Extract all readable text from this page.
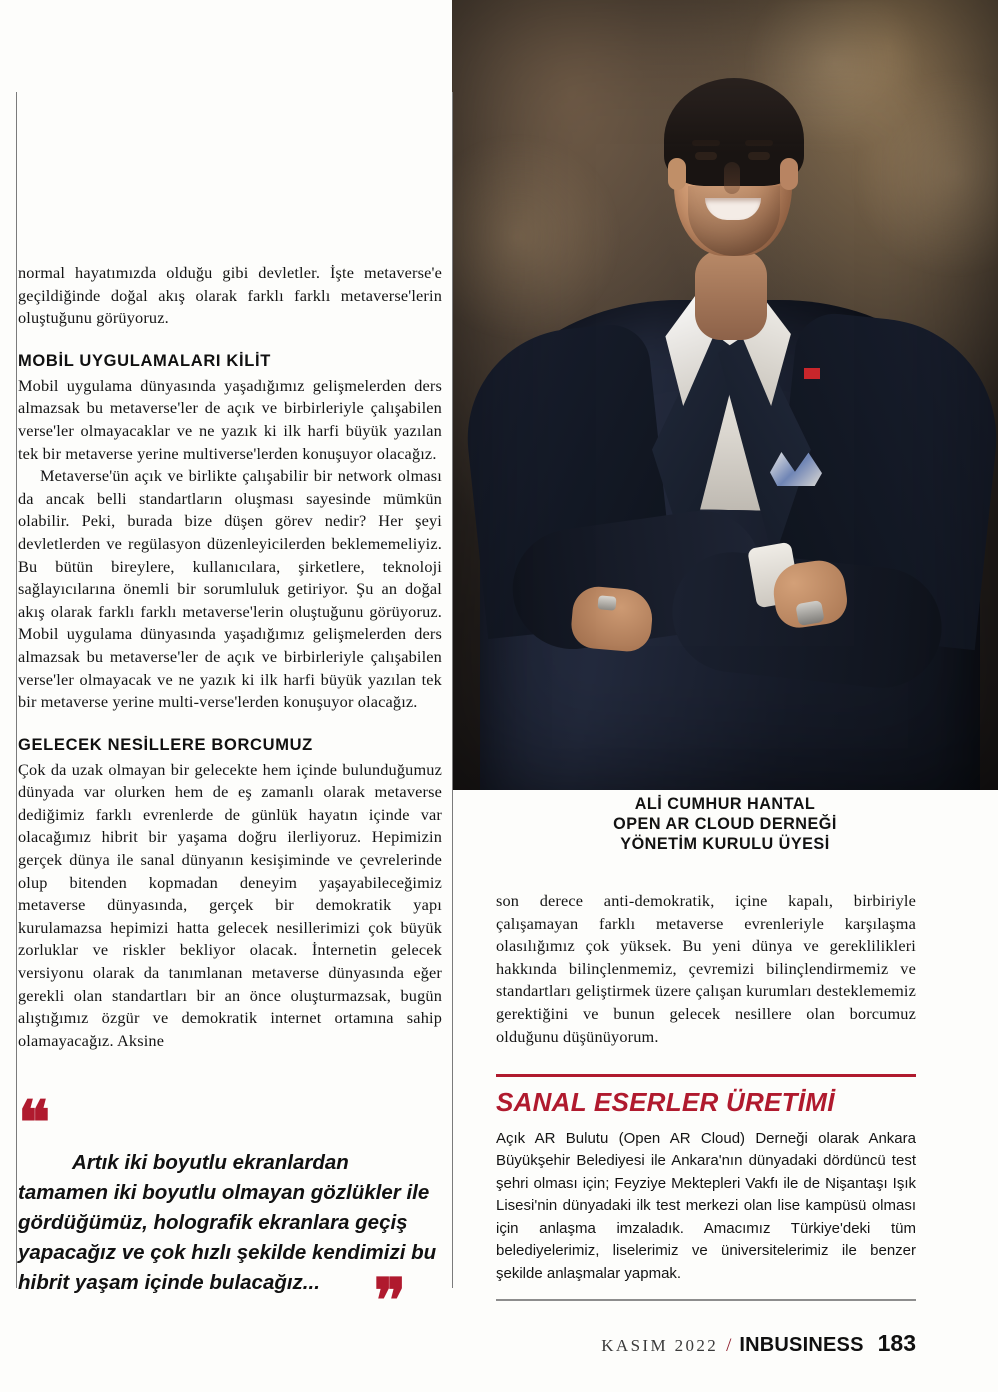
normal hayatımızda olduğu gibi devletler. İşte metaverse'e geçildiğinde doğal akış olarak farklı farklı metaverse'lerin oluştuğunu görüyoruz.

MOBİL UYGULAMALARI KİLİT

Mobil uygulama dünyasında yaşadığımız gelişmelerden ders almazsak bu metaverse'ler de açık ve birbirleriyle çalışabilen verse'ler olmayacaklar ve ne yazık ki ilk harfi büyük yazılan tek bir metaverse yerine multiverse'lerden konuşuyor olacağız.

Metaverse'ün açık ve birlikte çalışabilir bir network olması da ancak belli standartların oluşması sayesinde mümkün olabilir. Peki, burada bize düşen görev nedir? Her şeyi devletlerden ve regülasyon düzenleyicilerden beklememeliyiz. Bu bütün bireylere, kullanıcılara, şirketlere, teknoloji sağlayıcılarına önemli bir sorumluluk getiriyor. Şu an doğal akış olarak farklı farklı metaverse'lerin oluştuğunu görüyoruz. Mobil uygulama dünyasında yaşadığımız gelişmelerden ders almazsak bu metaverse'ler de açık ve birbirleriyle çalışabilen verse'ler olmayacak ve ne yazık ki ilk harfi büyük yazılan tek bir metaverse yerine multi-verse'lerden konuşuyor olacağız.

GELECEK NESİLLERE BORCUMUZ

Çok da uzak olmayan bir gelecekte hem içinde bulunduğumuz dünyada var olurken hem de eş zamanlı olarak metaverse dediğimiz farklı evrenlerde de günlük hayatın içinde var olacağımız hibrit bir yaşama doğru ilerliyoruz. Hepimizin gerçek dünya ile sanal dünyanın kesişiminde ve çevrelerinde olup bitenden kopmadan deneyim yaşayabileceğimiz metaverse dünyasında, gerçek bir demokratik yapı kurulamazsa hepimizi hatta gelecek nesillerimizi çok büyük zorluklar ve riskler bekliyor olacak. İnternetin gelecek versiyonu olarak da tanımlanan metaverse dünyasında eğer gerekli olan standartları bir an önce oluşturmazsak, bugün alıştığımız özgür ve demokratik internet ortamına sahip olamayacağız. Aksine

❝
Artık iki boyutlu ekranlardan tamamen iki boyutlu olmayan gözlükler ile gördüğümüz, holografik ekranlara geçiş yapacağız ve çok hızlı şekilde kendimizi bu hibrit yaşam içinde bulacağız... ❞
ALİ CUMHUR HANTAL
OPEN AR CLOUD DERNEĞİ
YÖNETİM KURULU ÜYESİ

son derece anti-demokratik, içine kapalı, birbiriyle çalışamayan farklı metaverse evrenleriyle karşılaşma olasılığımız çok yüksek. Bu yeni dünya ve gereklilikleri hakkında bilinçlenmemiz, çevremizi bilinçlendirmemiz ve standartları geliştirmek üzere çalışan kurumları desteklememiz gerektiğini ve bunun gelecek nesillere olan borcumuz olduğunu düşünüyorum.

SANAL ESERLER ÜRETİMİ

Açık AR Bulutu (Open AR Cloud) Derneği olarak Ankara Büyükşehir Belediyesi ile Ankara'nın dünyadaki dördüncü test şehri olması için; Feyziye Mektepleri Vakfı ile de Nişantaşı Işık Lisesi'nin dünyadaki ilk test merkezi olan lise kampüsü olması için anlaşma imzaladık. Amacımız Türkiye'deki tüm belediyelerimiz, liselerimiz ve üniversitelerimiz ile benzer şekilde anlaşmalar yapmak.

KASIM 2022 / INBUSINESS 183
